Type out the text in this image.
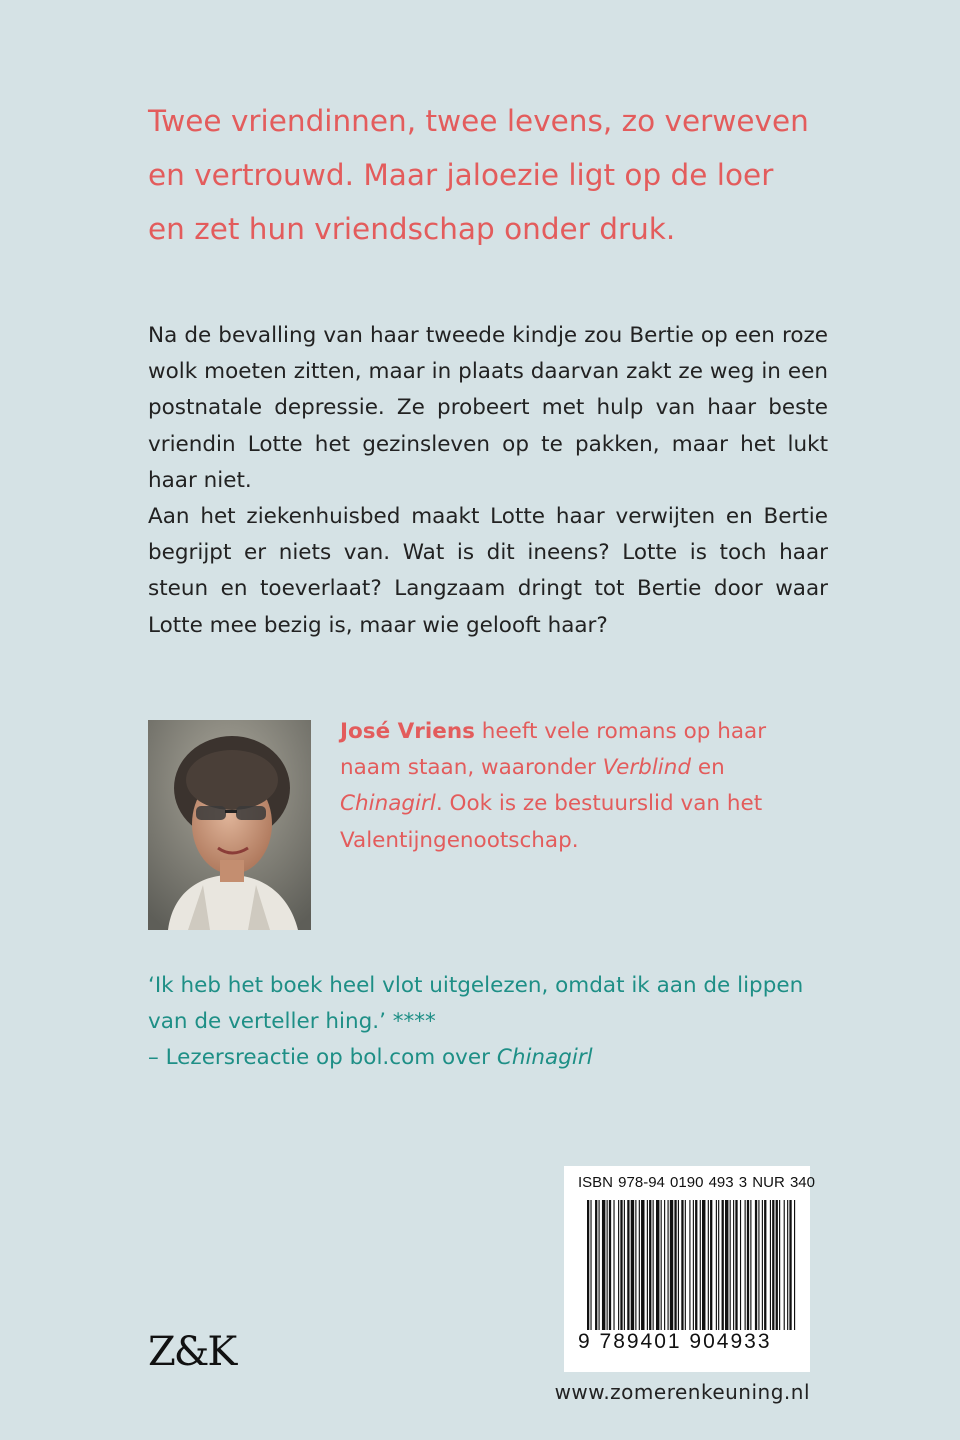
Twee vriendinnen, twee levens, zo verweven
en vertrouwd. Maar jaloezie ligt op de loer
en zet hun vriendschap onder druk.

Na de bevalling van haar tweede kindje zou Bertie op een roze wolk moeten zitten, maar in plaats daarvan zakt ze weg in een postnatale depressie. Ze probeert met hulp van haar beste vriendin Lotte het gezinsleven op te pakken, maar het lukt haar niet.

Aan het ziekenhuisbed maakt Lotte haar verwijten en Bertie begrijpt er niets van. Wat is dit ineens? Lotte is toch haar steun en toeverlaat? Langzaam dringt tot Bertie door waar Lotte mee bezig is, maar wie gelooft haar?

José Vriens heeft vele romans op haar naam staan, waaronder Verblind en Chinagirl. Ook is ze bestuurslid van het Valentijngenootschap.

‘Ik heb het boek heel vlot uitgelezen, omdat ik aan de lippen

van de verteller hing.’ ****

– Lezersreactie op bol.com over Chinagirl

Z&K
ISBN 978-94 0190 493 3 NUR 340
9 789401 904933
www.zomerenkeuning.nl
